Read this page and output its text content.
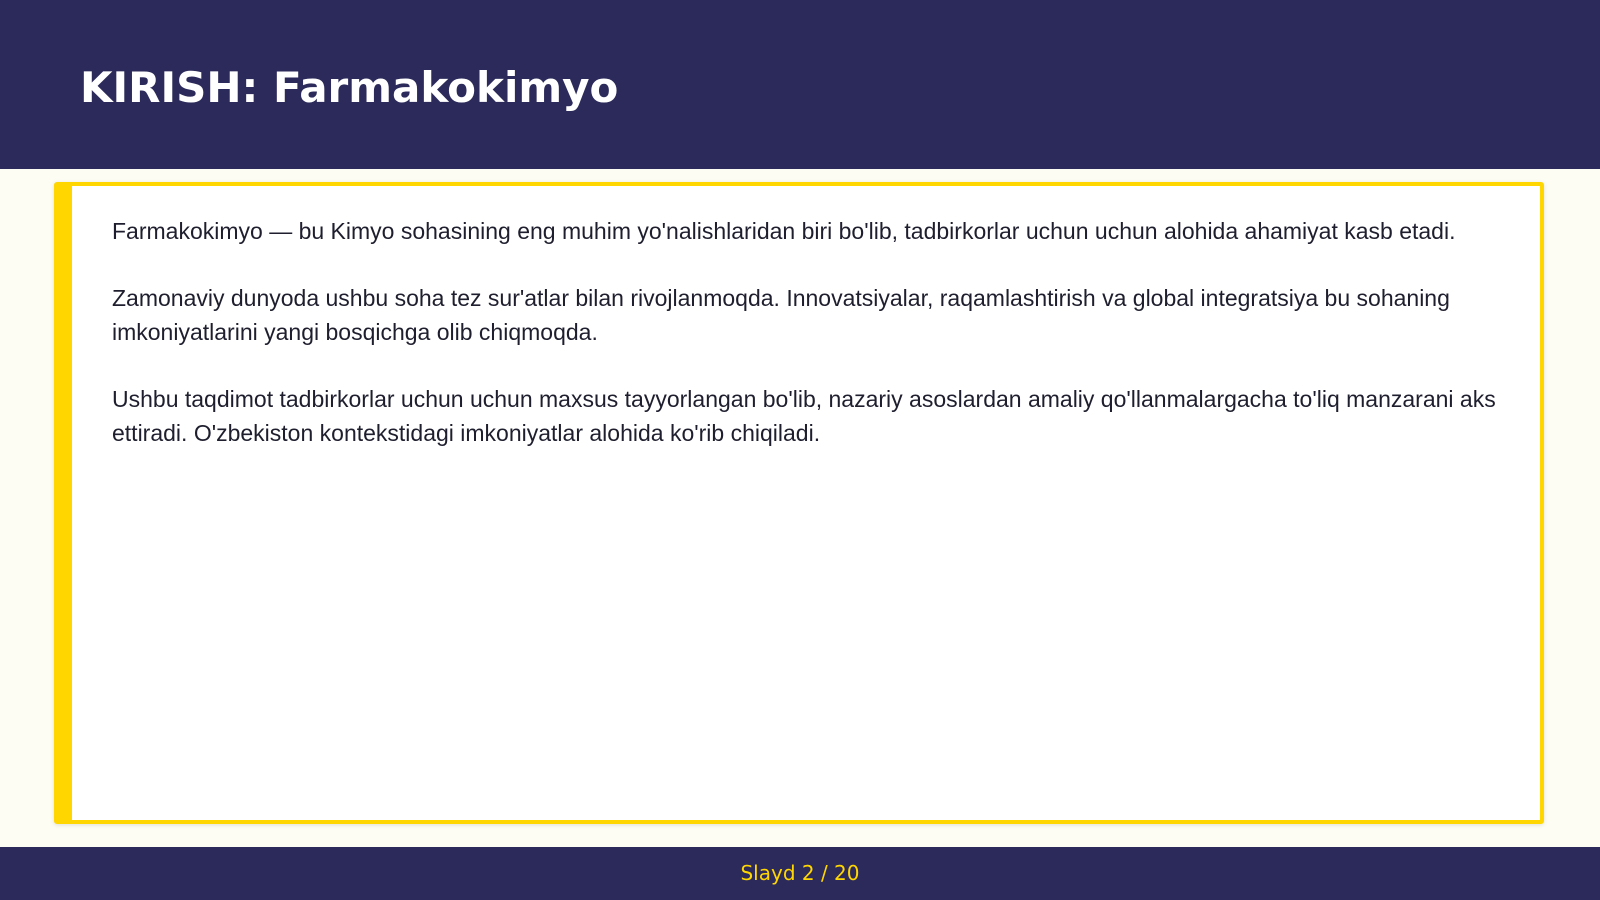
KIRISH: Farmakokimyo

Farmakokimyo — bu Kimyo sohasining eng muhim yo'nalishlaridan biri bo'lib, tadbirkorlar uchun uchun alohida ahamiyat kasb etadi.

Zamonaviy dunyoda ushbu soha tez sur'atlar bilan rivojlanmoqda. Innovatsiyalar, raqamlashtirish va global integratsiya bu sohaning imkoniyatlarini yangi bosqichga olib chiqmoqda.

Ushbu taqdimot tadbirkorlar uchun uchun maxsus tayyorlangan bo'lib, nazariy asoslardan amaliy qo'llanmalargacha to'liq manzarani aks ettiradi. O'zbekiston kontekstidagi imkoniyatlar alohida ko'rib chiqiladi.

Slayd 2 / 20
